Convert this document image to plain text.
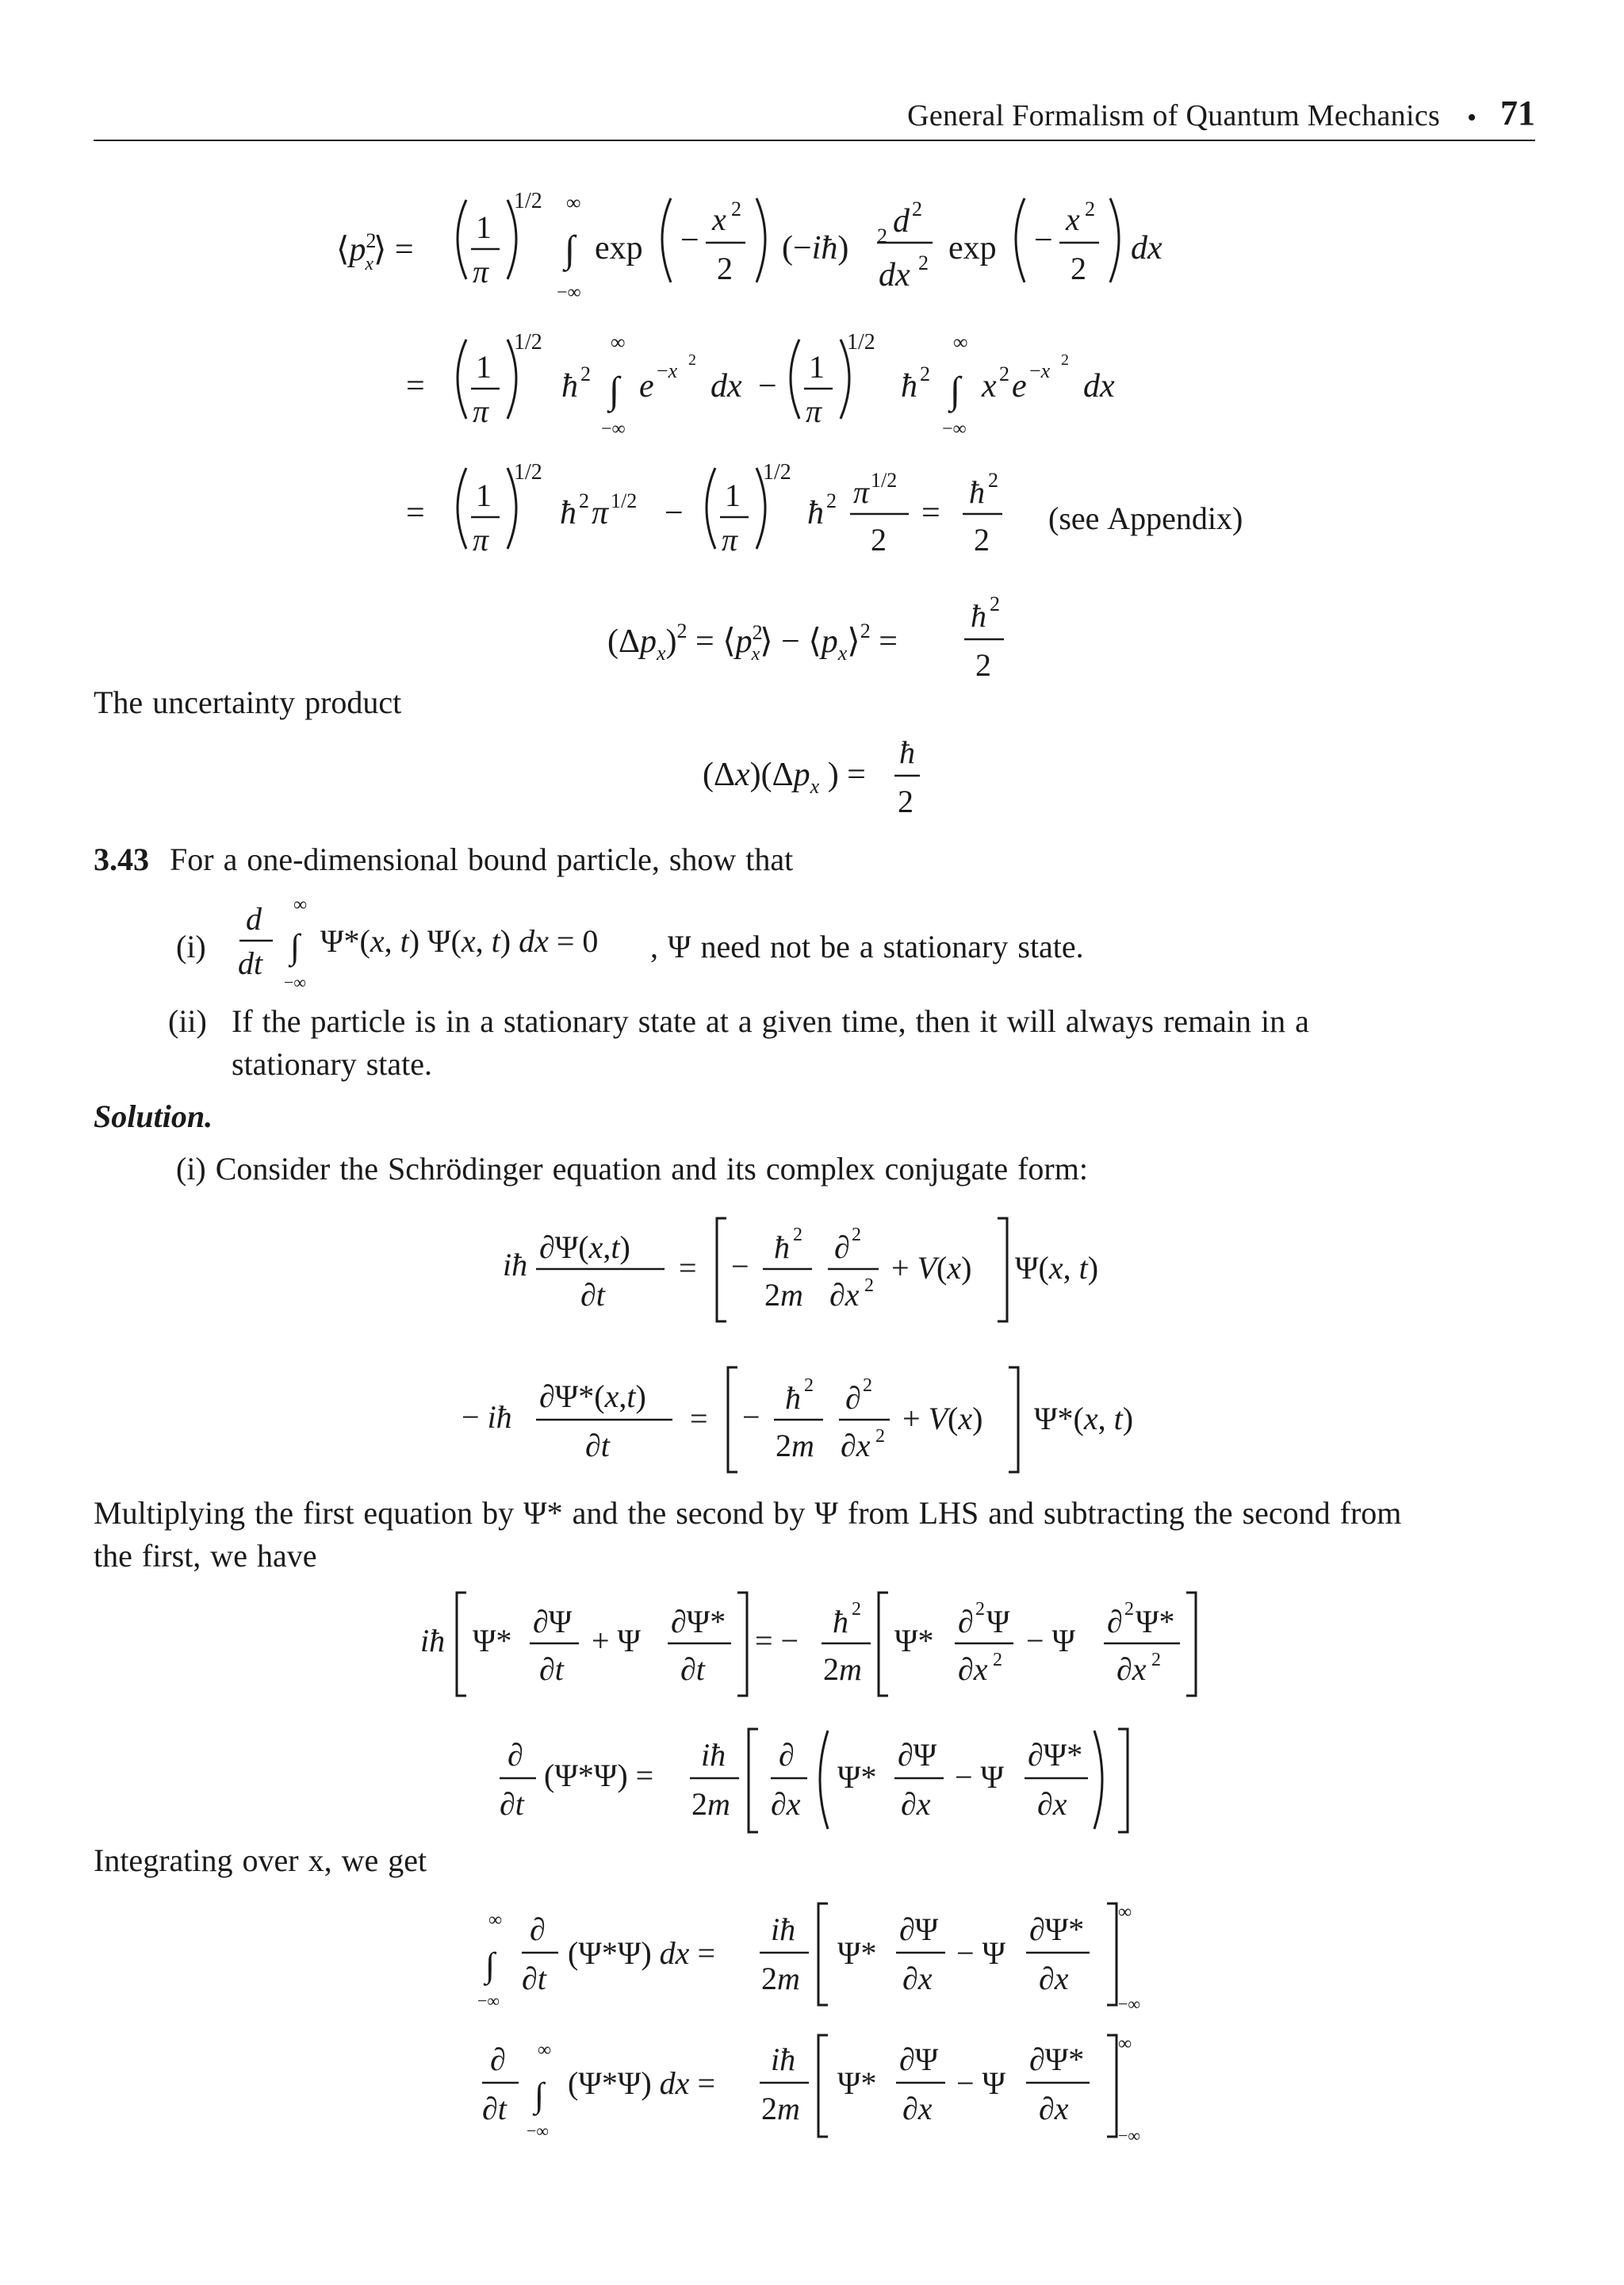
General Formalism of Quantum Mechanics • 71
$⟨p^2$ x⟩ =
1
π
1/2 ∞
∫
−∞
exp −
x 2
2
(−iħ) 2 d 2
dx 2 exp −
x 2
2
dx
=
1
π
1/2
ħ 2
∞
∫
−∞
e −x 2
dx −
1
π
1/2
ħ 2
∞
∫
−∞
x 2 e −x 2
dx
= 1
π
1/2
ħ 2 π 1/2 − 1
π
1/2
ħ 2 π 1/2
2
=
ħ 2
2
$(\Delta p_x)^2$ = $⟨p^2$ x⟩ − $⟨p_x⟩^2$ =
ħ 2
2
$(\Delta x)(\Delta p_x$ ) =
ħ
2
d
dt
∞
∫
−∞
Ψ*(x, t) Ψ(x, t) dx = 0
iħ ∂Ψ(x,t)
∂t
= −
ħ 2
2m
∂ 2
∂x 2 + V(x) Ψ(x, t)
− iħ
∂Ψ*(x,t)
∂t
= −
ħ 2
2m
∂ 2
∂x 2 + V(x) Ψ*(x, t)
iħ Ψ*
∂Ψ
∂t
+ Ψ
∂Ψ*
∂t
= −
ħ 2
2m
Ψ*
∂ 2 Ψ
∂x 2
− Ψ
∂ 2 Ψ*
∂x 2
∂
∂t
(Ψ*Ψ) =
iħ
2m
∂
∂x
Ψ*
∂Ψ
∂x
− Ψ
∂Ψ*
∂x
∞
∫
−∞
∂
∂t
(Ψ*Ψ) dx =
iħ
2m
Ψ*
∂Ψ
∂x
− Ψ
∂Ψ*
∂x
∞
−∞
∂
∂t
∞
∫
−∞
(Ψ*Ψ) dx =
iħ
2m
Ψ*
∂Ψ
∂x
− Ψ
∂Ψ*
∂x
∞
−∞
(see Appendix)
The uncertainty product
3.43 For a one-dimensional bound particle, show that
(i)	, Ψ need not be a stationary state.
(ii) If the particle is in a stationary state at a given time, then it will always remain in a
stationary state.
Solution.
(i) Consider the Schrödinger equation and its complex conjugate form:
Multiplying the first equation by Ψ* and the second by Ψ from LHS and subtracting the second from
the first, we have
Integrating over x, we get
